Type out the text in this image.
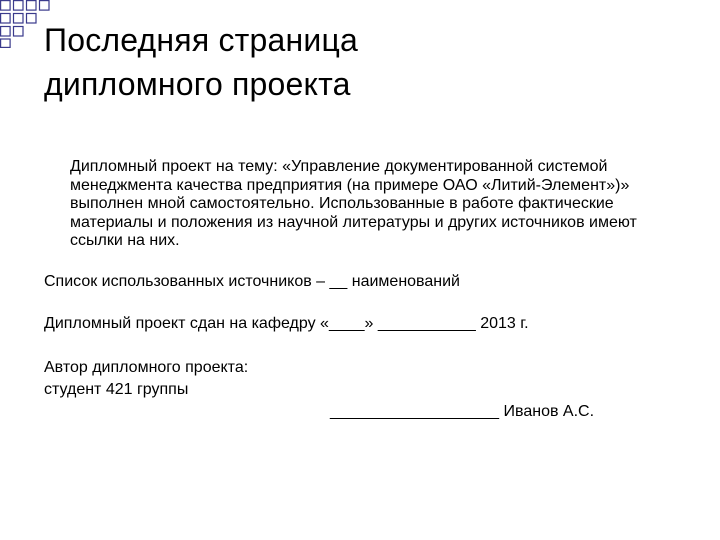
Последняя страница
дипломного проекта

Дипломный проект на тему: «Управление документированной системой менеджмента качества предприятия (на примере ОАО «Литий-Элемент»)» выполнен мной самостоятельно. Использованные в работе фактические материалы и положения из научной литературы и других источников имеют ссылки на них.

Список использованных источников – __ наименований

Дипломный проект сдан на кафедру «____» ___________ 2013 г.

Автор дипломного проекта:

студент 421 группы

___________________ Иванов А.С.
